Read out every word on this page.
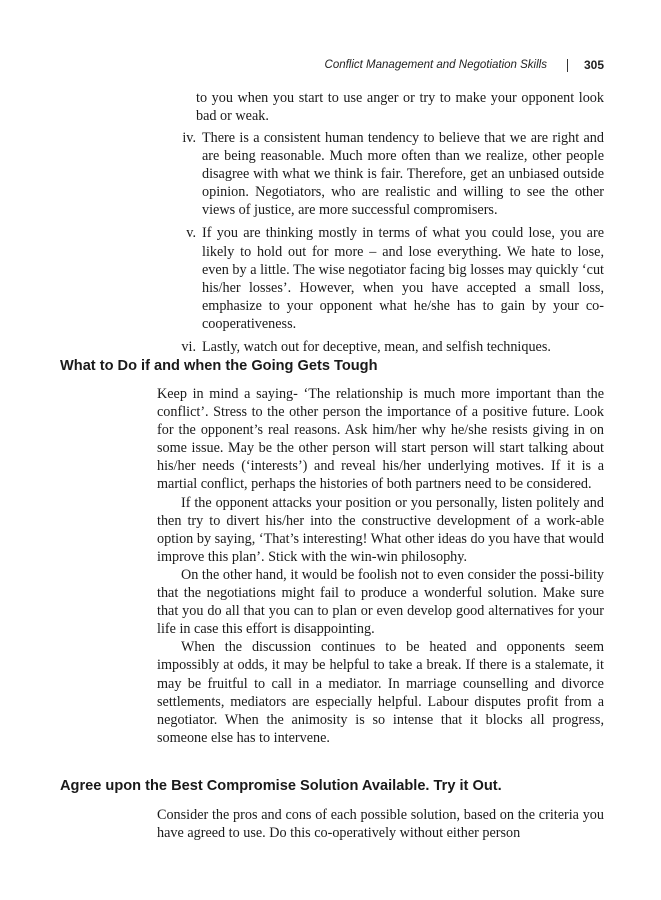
Conflict Management and Negotiation Skills	305

to you when you start to use anger or try to make your opponent look bad or weak.

iv. There is a consistent human tendency to believe that we are right and are being reasonable. Much more often than we realize, other people disagree with what we think is fair. Therefore, get an unbiased outside opinion. Negotiators, who are realistic and willing to see the other views of justice, are more successful compromisers.
v. If you are thinking mostly in terms of what you could lose, you are likely to hold out for more – and lose everything. We hate to lose, even by a little. The wise negotiator facing big losses may quickly ‘cut his/her losses’. However, when you have accepted a small loss, emphasize to your opponent what he/she has to gain by your co-cooperativeness.
vi. Lastly, watch out for deceptive, mean, and selfish techniques.
What to Do if and when the Going Gets Tough

Keep in mind a saying- ‘The relationship is much more important than the conflict’. Stress to the other person the importance of a positive future. Look for the opponent’s real reasons. Ask him/her why he/she resists giving in on some issue. May be the other person will start person will start talking about his/her needs (‘interests’) and reveal his/her underlying motives. If it is a martial conflict, perhaps the histories of both partners need to be considered.

If the opponent attacks your position or you personally, listen politely and then try to divert his/her into the constructive development of a work-able option by saying, ‘That’s interesting! What other ideas do you have that would improve this plan’. Stick with the win-win philosophy.

On the other hand, it would be foolish not to even consider the possi-bility that the negotiations might fail to produce a wonderful solution. Make sure that you do all that you can to plan or even develop good alternatives for your life in case this effort is disappointing.

When the discussion continues to be heated and opponents seem impossibly at odds, it may be helpful to take a break. If there is a stalemate, it may be fruitful to call in a mediator. In marriage counselling and divorce settlements, mediators are especially helpful. Labour disputes profit from a negotiator. When the animosity is so intense that it blocks all progress, someone else has to intervene.

Agree upon the Best Compromise Solution Available. Try it Out.

Consider the pros and cons of each possible solution, based on the criteria you have agreed to use. Do this co-operatively without either person
